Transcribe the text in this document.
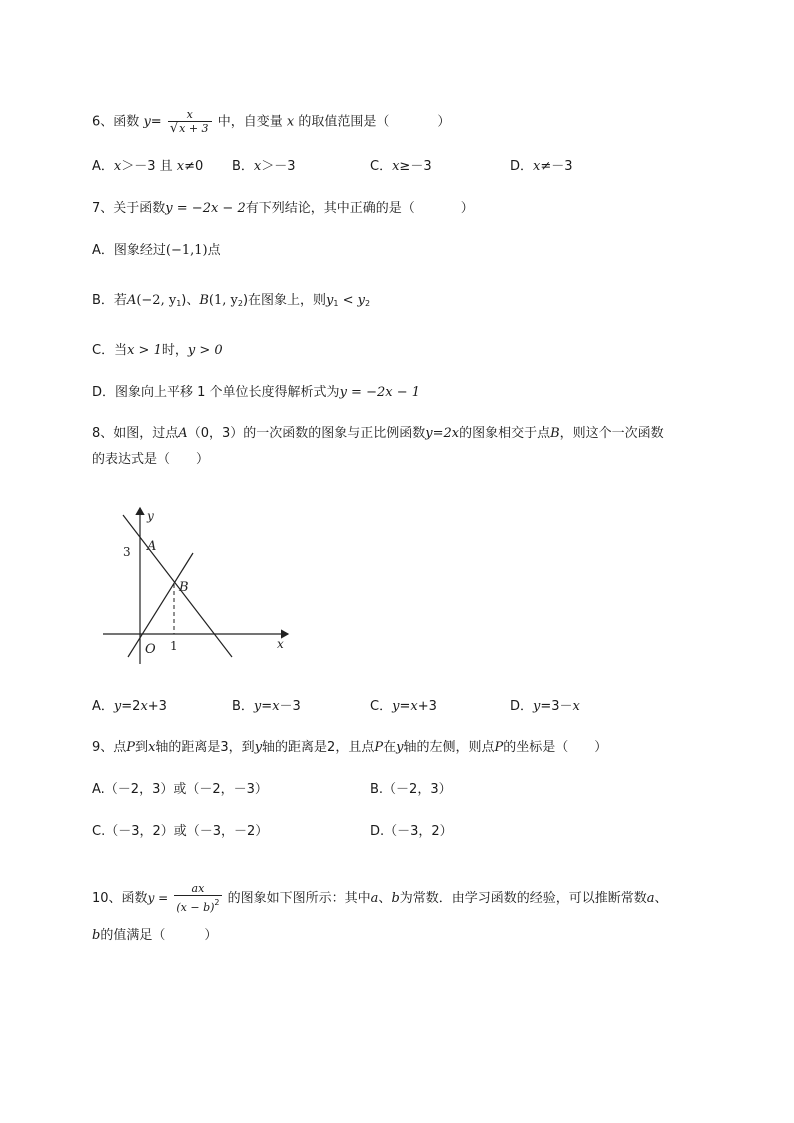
6、函数 $y= \frac{x}{√x + 3}$ 中，自变量 x 的取值范围是（	）
A．x＞－3 且 x≠0 B．x＞－3	C．x≥－3	D．x≠－3
7、关于函数y = −2x − 2有下列结论，其中正确的是（	）
A．图象经过(−1,1)点
B．若A(−2, $y_1$)、B(1, $y_2$)在图象上，则$y_1 < y_2$
C．当x > 1时，y > 0
D．图象向上平移 1 个单位长度得解析式为y = −2x − 1
8、如图，过点A（0，3）的一次函数的图象与正比例函数y=2x的图象相交于点B，则这个一次函数
的表达式是（　　）
y
x
A
B
O
3
1
A．y=2x+3	B．y=x－3	C．y=x+3	D．y=3－x
9、点P到x轴的距离是3，到y轴的距离是2，且点P在y轴的左侧，则点P的坐标是（　　）
A.（－2，3）或（－2，－3）	B.（－2，3）
C.（－3，2）或（－3，－2）	D.（－3，2）
10、函数$y = \frac{ax}{(x - b)^2}$ 的图象如下图所示：其中a、b为常数．由学习函数的经验，可以推断常数a、
b的值满足（　　　）
